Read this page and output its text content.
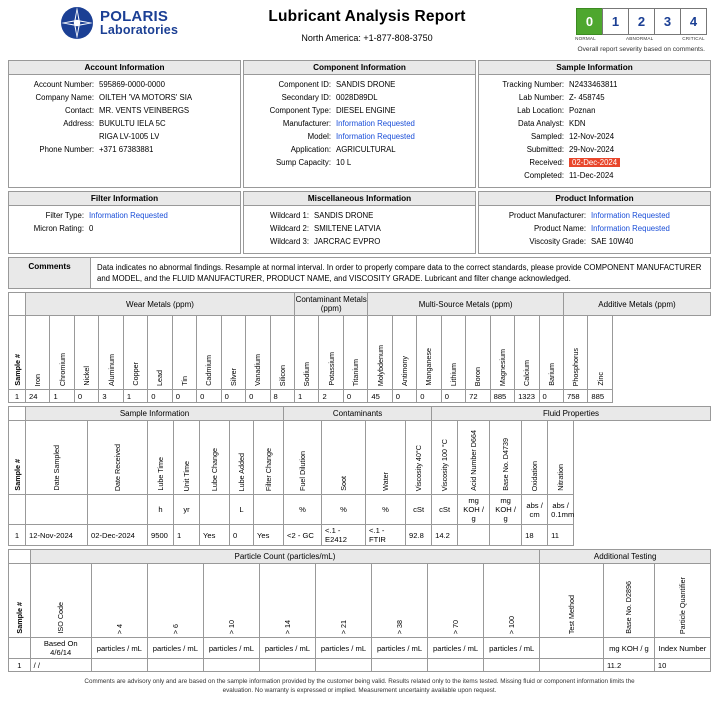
POLARIS
Laboratories
Lubricant Analysis Report
North America: +1-877-808-3750
0	1	2	3	4
NORMAL	ABNORMAL	CRITICAL
Overall report severity based on comments.
Account Information
Account Number: 595869-0000-0000
Company Name: OILTEH 'VA MOTORS' SIA
Contact: MR. VENTS VEINBERGS
Address: BUKULTU IELA 5C
RIGA LV-1005 LV
Phone Number: +371 67383881
Component Information
Component ID: SANDIS DRONE
Secondary ID: 0028D89DL
Component Type: DIESEL ENGINE
Manufacturer: Information Requested
Model: Information Requested
Application: AGRICULTURAL
Sump Capacity: 10 L
Sample Information
Tracking Number: N2433463811
Lab Number: Z- 458745
Lab Location: Poznan
Data Analyst: KDN
Sampled: 12-Nov-2024
Submitted: 29-Nov-2024
Received:	02-Dec-2024
Completed: 11-Dec-2024
Filter Information
Filter Type: Information Requested
Micron Rating: 0
Miscellaneous Information
Wildcard 1: SANDIS DRONE
Wildcard 2: SMILTENE LATVIA
Wildcard 3: JARCRAC EVPRO
Product Information
Product Manufacturer: Information Requested
Product Name: Information Requested
Viscosity Grade: SAE 10W40
Comments	Data indicates no abnormal findings. Resample at normal interval. In order to properly compare data to the correct standards, please provide COMPONENT MANUFACTURER and MODEL, and the FLUID MANUFACTURER, PRODUCT NAME, and VISCOSITY GRADE. Lubricant and filter change acknowledged.
	Wear Metals (ppm)											Contaminant Metals (ppm)			Multi-Source Metals (ppm)								Additive Metals (ppm)	

Sample #	Iron	Chromium	Nickel	Aluminum	Copper	Lead	Tin	Cadmium	Silver	Vanadium	Silicon	Sodium	Potassium	Titanium	Molybdenum	Antimony	Manganese	Lithium	Boron	Magnesium	Calcium	Barium	Phosphorus	Zinc

1	24	1	0	3	1	0	0	0	0	0	8	1	2	0	45	0	0	0	72	885	1323	0	758	885
	Sample Information							Contaminants				Fluid Properties				

Sample #	Date Sampled	Date Received	Lube Time	Unit Time	Lube Change	Lube Added	Filter Change	Fuel Dilution	Soot	Water	Viscosity 40°C	Viscosity 100 °C	Acid Number D664	Base No. D4739	Oxidation	Nitration

			h	yr		L		%	%	%	cSt	cSt	mg KOH / g	mg KOH / g	abs / cm	abs / 0.1mm
1	12-Nov-2024	02-Dec-2024	9500	1	Yes	0	Yes	<2 - GC	<.1 - E2412	<.1 - FTIR	92.8	14.2			18	11
	Particle Count (particles/mL)									Additional Testing		

Sample #	ISO Code	> 4	> 6	> 10	> 14	> 21	> 38	> 70	> 100	Test Method	Base No. D2896	Particle Quantifier

	Based On 4/6/14	particles / mL	particles / mL	particles / mL	particles / mL	particles / mL	particles / mL	particles / mL	particles / mL		mg KOH / g	Index Number
1	/ /										11.2	10
Comments are advisory only and are based on the sample information provided by the customer being valid. Results related only to the items tested. Missing fluid or component information limits the
evaluation. No warranty is expressed or implied. Measurement uncertainty available upon request.
